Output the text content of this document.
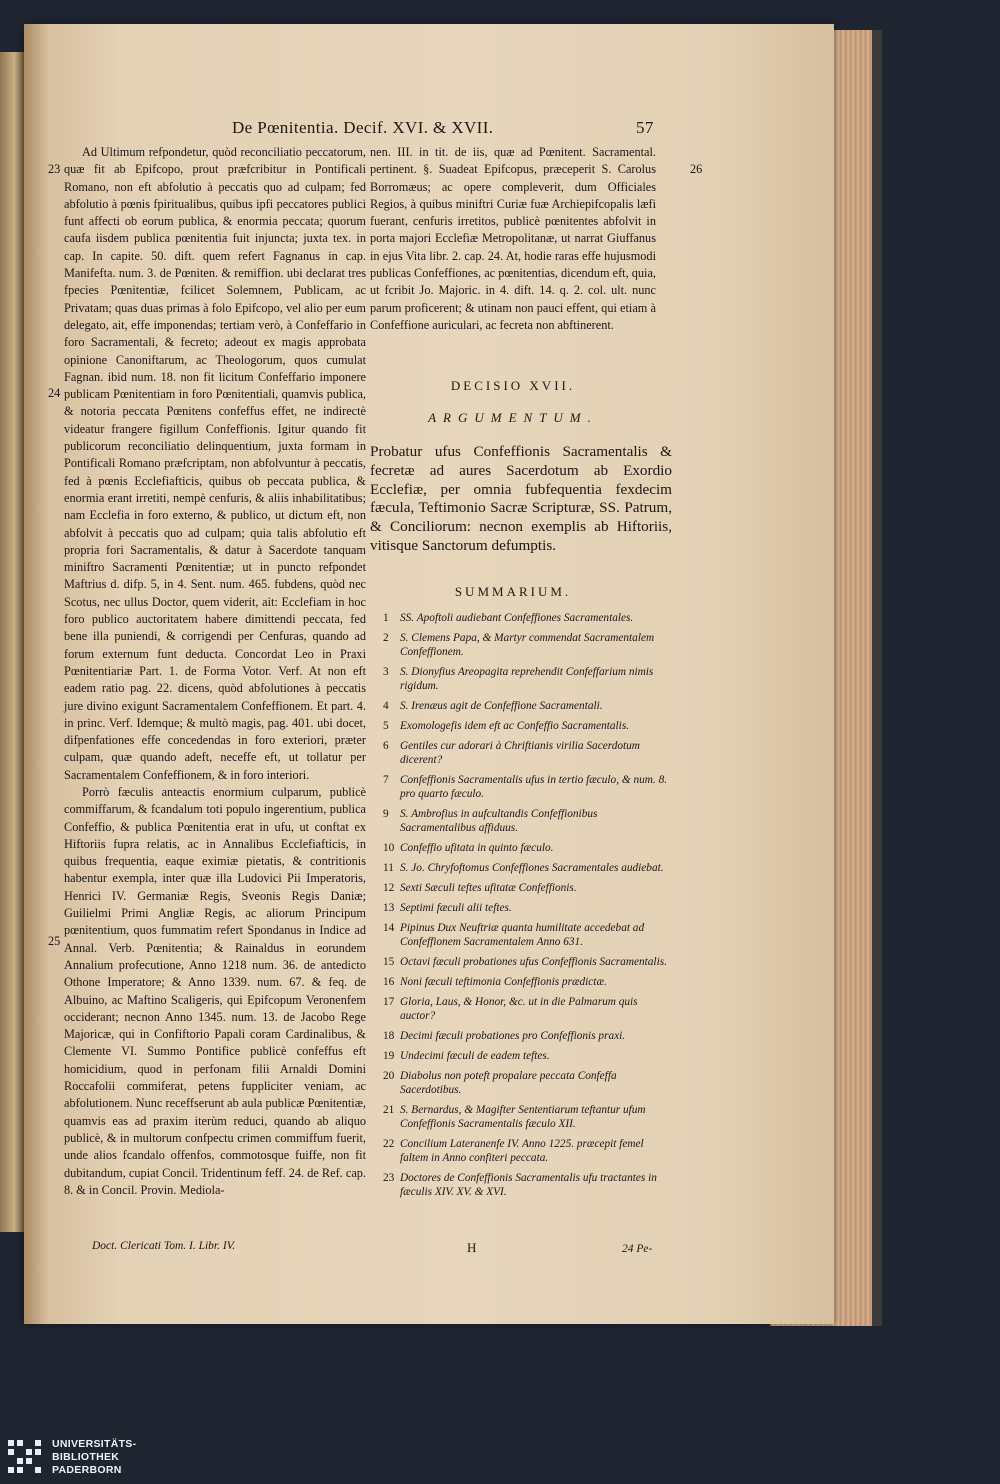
De Pœnitentia. Decif. XVI. & XVII.	57

Ad Ultimum refpondetur, quòd reconciliatio peccatorum, quæ fit ab Epifcopo, prout præfcribitur in Pontificali Romano, non eft abfolutio à peccatis quo ad culpam; fed abfolutio à pœnis fpiritualibus, quibus ipfi peccatores publici funt affecti ob eorum publica, & enormia peccata; quorum caufa iisdem publica pœnitentia fuit injuncta; juxta tex. in cap. In capite. 50. dift. quem refert Fagnanus in cap. Manifefta. num. 3. de Pœniten. & remiffion. ubi declarat tres fpecies Pœnitentiæ, fcilicet Solemnem, Publicam, ac Privatam; quas duas primas à folo Epifcopo, vel alio per eum delegato, ait, effe imponendas; tertiam verò, à Confeffario in foro Sacramentali, & fecreto; adeout ex magis approbata opinione Canoniftarum, ac Theologorum, quos cumulat Fagnan. ibid num. 18. non fit licitum Confeffario imponere publicam Pœnitentiam in foro Pœnitentiali, quamvis publica, & notoria peccata Pœnitens confeffus effet, ne indirectè videatur frangere figillum Confeffionis. Igitur quando fit publicorum reconciliatio delinquentium, juxta formam in Pontificali Romano præfcriptam, non abfolvuntur à peccatis, fed à pœnis Ecclefiafticis, quibus ob peccata publica, & enormia erant irretiti, nempè cenfuris, & aliis inhabilitatibus; nam Ecclefia in foro externo, & publico, ut dictum eft, non abfolvit à peccatis quo ad culpam; quia talis abfolutio eft propria fori Sacramentalis, & datur à Sacerdote tanquam miniftro Sacramenti Pœnitentiæ; ut in puncto refpondet Maftrius d. difp. 5, in 4. Sent. num. 465. fubdens, quòd nec Scotus, nec ullus Doctor, quem viderit, ait: Ecclefiam in hoc foro publico auctoritatem habere dimittendi peccata, fed bene illa puniendi, & corrigendi per Cenfuras, quando ad forum externum funt deducta. Concordat Leo in Praxi Pœnitentiariæ Part. 1. de Forma Votor. Verf. At non eft eadem ratio pag. 22. dicens, quòd abfolutiones à peccatis jure divino exigunt Sacramentalem Confeffionem. Et part. 4. in princ. Verf. Idemque; & multò magis, pag. 401. ubi docet, difpenfationes effe concedendas in foro exteriori, præter culpam, quæ quando adeft, neceffe eft, ut tollatur per Sacramentalem Confeffionem, & in foro interiori.

Porrò fæculis anteactis enormium culparum, publicè commiffarum, & fcandalum toti populo ingerentium, publica Confeffio, & publica Pœnitentia erat in ufu, ut conftat ex Hiftoriis fupra relatis, ac in Annalibus Ecclefiafticis, in quibus frequentia, eaque eximiæ pietatis, & contritionis habentur exempla, inter quæ illa Ludovici Pii Imperatoris, Henrici IV. Germaniæ Regis, Sveonis Regis Daniæ; Guilielmi Primi Angliæ Regis, ac aliorum Principum pœnitentium, quos fummatim refert Spondanus in Indice ad Annal. Verb. Pœnitentia; & Rainaldus in eorundem Annalium profecutione, Anno 1218 num. 36. de antedicto Othone Imperatore; & Anno 1339. num. 67. & feq. de Albuino, ac Maftino Scaligeris, qui Epifcopum Veronenfem occiderant; necnon Anno 1345. num. 13. de Jacobo Rege Majoricæ, qui in Confiftorio Papali coram Cardinalibus, & Clemente VI. Summo Pontifice publicè confeffus eft homicidium, quod in perfonam filii Arnaldi Domini Roccafolii commiferat, petens fuppliciter veniam, ac abfolutionem. Nunc receffserunt ab aula publicæ Pœnitentiæ, quamvis eas ad praxim iterùm reduci, quando ab aliquo publicè, & in multorum confpectu crimen commiffum fuerit, unde alios fcandalo offenfos, commotosque fuiffe, non fit dubitandum, cupiat Concil. Tridentinum feff. 24. de Ref. cap. 8. & in Concil. Provin. Mediola-

23
24
25
26

nen. III. in tit. de iis, quæ ad Pœnitent. Sacramental. pertinent. §. Suadeat Epifcopus, præceperit S. Carolus Borromæus; ac opere compleverit, dum Officiales Regios, à quibus miniftri Curiæ fuæ Archiepifcopalis læfi fuerant, cenfuris irretitos, publicè pœnitentes abfolvit in porta majori Ecclefiæ Metropolitanæ, ut narrat Giuffanus in ejus Vita libr. 2. cap. 24. At, hodie raras effe hujusmodi publicas Confeffiones, ac pœnitentias, dicendum eft, quia, ut fcribit Jo. Majoric. in 4. dift. 14. q. 2. col. ult. nunc parum proficerent; & utinam non pauci effent, qui etiam à Confeffione auriculari, ac fecreta non abftinerent.

DECISIO XVII.
ARGUMENTUM.
Probatur ufus Confeffionis Sacramentalis & fecretæ ad aures Sacerdotum ab Exordio Ecclefiæ, per omnia fubfequentia fexdecim fæcula, Teftimonio Sacræ Scripturæ, SS. Patrum, & Conciliorum: necnon exemplis ab Hiftoriis, vitisque Sanctorum defumptis.
SUMMARIUM.
1 SS. Apoftoli audiebant Confeffiones Sacramentales.
2 S. Clemens Papa, & Martyr commendat Sacramentalem Confeffionem.
3 S. Dionyfius Areopagita reprehendit Confeffarium nimis rigidum.
4 S. Irenæus agit de Confeffione Sacramentali.
5 Exomologefis idem eft ac Confeffio Sacramentalis.
6 Gentiles cur adorari à Chriftianis virilia Sacerdotum dicerent?
7 Confeffionis Sacramentalis ufus in tertio fæculo, & num. 8. pro quarto fæculo.
9 S. Ambrofius in aufcultandis Confeffionibus Sacramentalibus affiduus.
10 Confeffio ufitata in quinto fæculo.
11 S. Jo. Chryfoftomus Confeffiones Sacramentales audiebat.
12 Sexti Sæculi teftes ufitatæ Confeffionis.
13 Septimi fæculi alii teftes.
14 Pipinus Dux Neuftriæ quanta humilitate accedebat ad Confeffionem Sacramentalem Anno 631.
15 Octavi fæculi probationes ufus Confeffionis Sacramentalis.
16 Noni fæculi teftimonia Confeffionis prædictæ.
17 Gloria, Laus, & Honor, &c. ut in die Palmarum quis auctor?
18 Decimi fæculi probationes pro Confeffionis praxi.
19 Undecimi fæculi de eadem teftes.
20 Diabolus non poteft propalare peccata Confeffa Sacerdotibus.
21 S. Bernardus, & Magifter Sententiarum teftantur ufum Confeffionis Sacramentalis fæculo XII.
22 Concilium Lateranenfe IV. Anno 1225. præcepit femel faltem in Anno confiteri peccata.
23 Doctores de Confeffionis Sacramentalis ufu tractantes in fæculis XIV. XV. & XVI.
Doct. Clericati Tom. I. Libr. IV.	H	24 Pe-
UNIVERSITÄTS-
BIBLIOTHEK
PADERBORN
